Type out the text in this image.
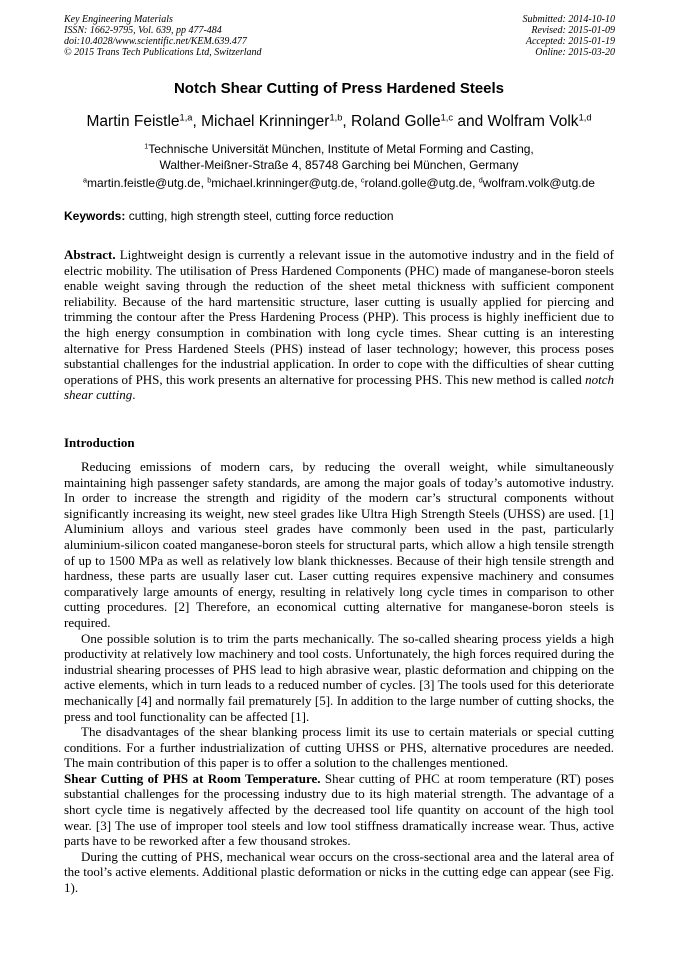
Key Engineering Materials
ISSN: 1662-9795, Vol. 639, pp 477-484
doi:10.4028/www.scientific.net/KEM.639.477
© 2015 Trans Tech Publications Ltd, Switzerland
Submitted: 2014-10-10
Revised: 2015-01-09
Accepted: 2015-01-19
Online: 2015-03-20
Notch Shear Cutting of Press Hardened Steels
Martin Feistle$^{1,a}$, Michael Krinninger$^{1,b}$, Roland Golle$^{1,c}$ and Wolfram Volk$^{1,d}$
$^1$Technische Universität München, Institute of Metal Forming and Casting,
Walther-Meißner-Straße 4, 85748 Garching bei München, Germany
$^a$martin.feistle@utg.de, $^b$michael.krinninger@utg.de, $^c$roland.golle@utg.de, $^d$wolfram.volk@utg.de
Keywords: cutting, high strength steel, cutting force reduction
Abstract. Lightweight design is currently a relevant issue in the automotive industry and in the field of electric mobility. The utilisation of Press Hardened Components (PHC) made of manganese-boron steels enable weight saving through the reduction of the sheet metal thickness with sufficient component reliability. Because of the hard martensitic structure, laser cutting is usually applied for piercing and trimming the contour after the Press Hardening Process (PHP). This process is highly inefficient due to the high energy consumption in combination with long cycle times. Shear cutting is an interesting alternative for Press Hardened Steels (PHS) instead of laser technology; however, this process poses substantial challenges for the industrial application. In order to cope with the difficulties of shear cutting operations of PHS, this work presents an alternative for processing PHS. This new method is called notch shear cutting.
Introduction

Reducing emissions of modern cars, by reducing the overall weight, while simultaneously maintaining high passenger safety standards, are among the major goals of today’s automotive industry. In order to increase the strength and rigidity of the modern car’s structural components without significantly increasing its weight, new steel grades like Ultra High Strength Steels (UHSS) are used. [1] Aluminium alloys and various steel grades have commonly been used in the past, particularly aluminium-silicon coated manganese-boron steels for structural parts, which allow a high tensile strength of up to 1500 MPa as well as relatively low blank thicknesses. Because of their high tensile strength and hardness, these parts are usually laser cut. Laser cutting requires expensive machinery and consumes comparatively large amounts of energy, resulting in relatively long cycle times in comparison to other cutting procedures. [2] Therefore, an economical cutting alternative for manganese-boron steels is required.

One possible solution is to trim the parts mechanically. The so-called shearing process yields a high productivity at relatively low machinery and tool costs. Unfortunately, the high forces required during the industrial shearing processes of PHS lead to high abrasive wear, plastic deformation and chipping on the active elements, which in turn leads to a reduced number of cycles. [3] The tools used for this deteriorate mechanically [4] and normally fail prematurely [5]. In addition to the large number of cutting shocks, the press and tool functionality can be affected [1].

The disadvantages of the shear blanking process limit its use to certain materials or special cutting conditions. For a further industrialization of cutting UHSS or PHS, alternative procedures are needed. The main contribution of this paper is to offer a solution to the challenges mentioned.

Shear Cutting of PHS at Room Temperature. Shear cutting of PHC at room temperature (RT) poses substantial challenges for the processing industry due to its high material strength. The advantage of a short cycle time is negatively affected by the decreased tool life quantity on account of the high tool wear. [3] The use of improper tool steels and low tool stiffness dramatically increase wear. Thus, active parts have to be reworked after a few thousand strokes.

During the cutting of PHS, mechanical wear occurs on the cross-sectional area and the lateral area of the tool’s active elements. Additional plastic deformation or nicks in the cutting edge can appear (see Fig. 1).
